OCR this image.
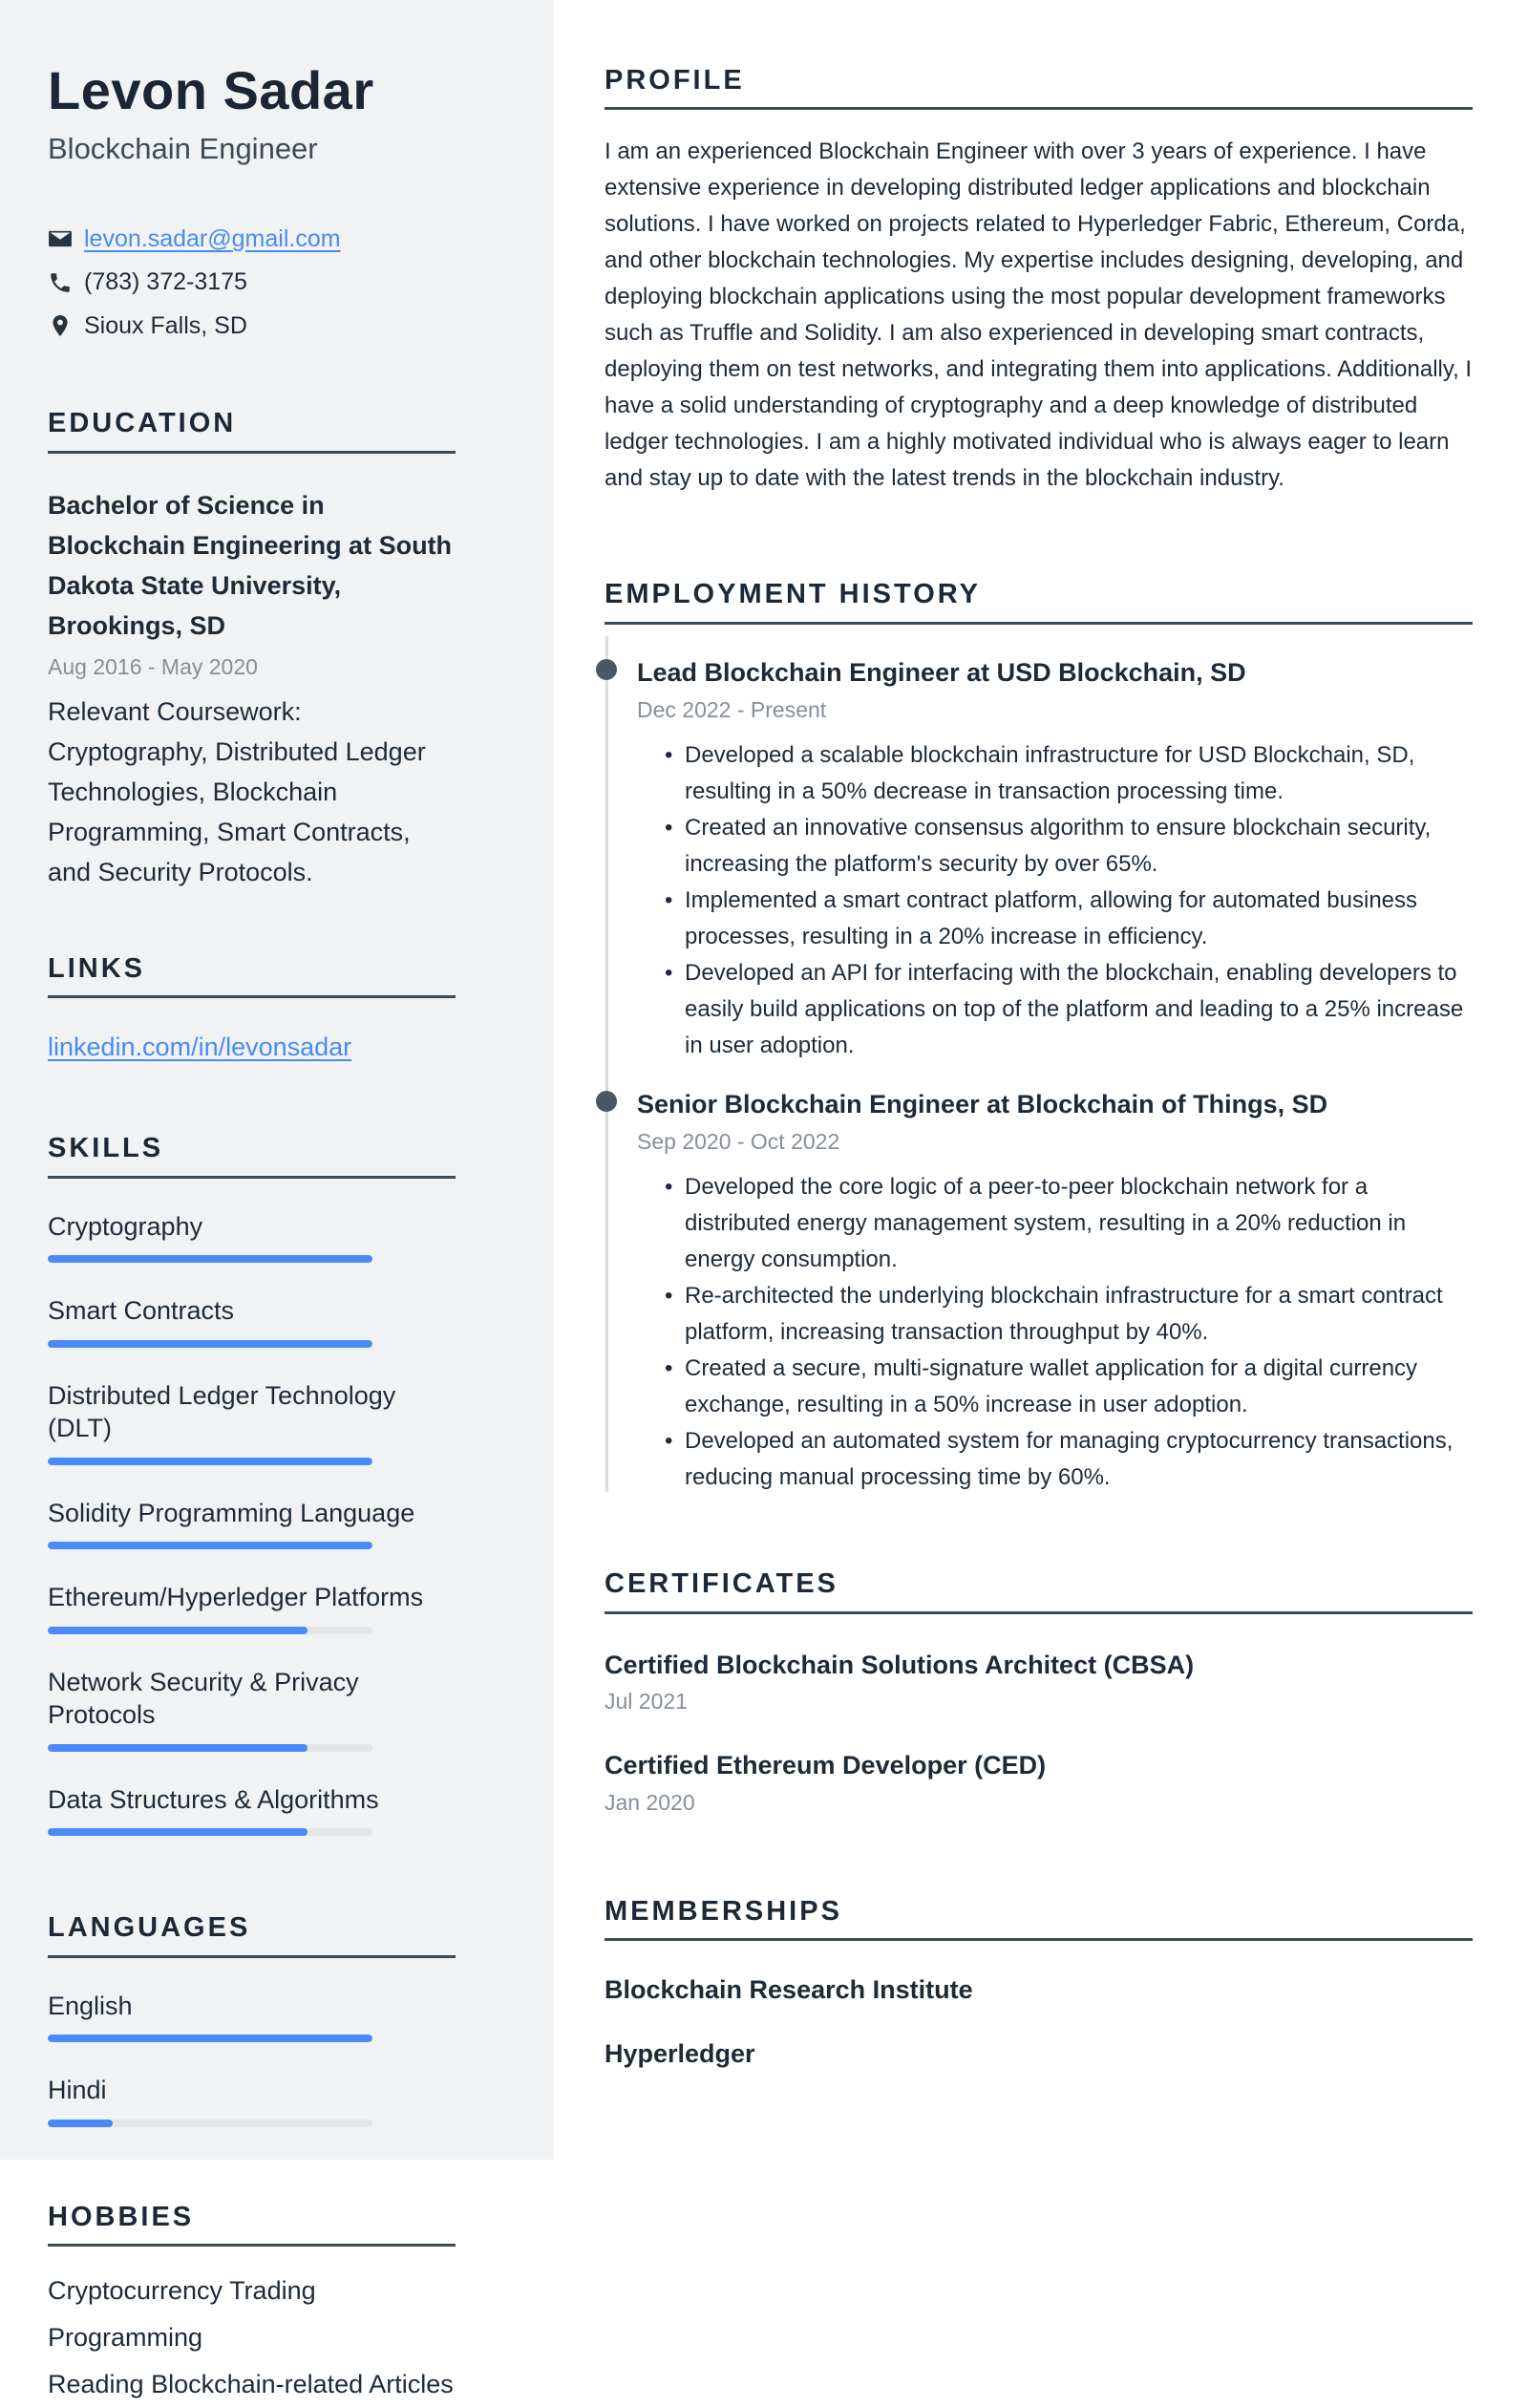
Levon Sadar
Blockchain Engineer
levon.sadar@gmail.com
(783) 372-3175
Sioux Falls, SD
EDUCATION
Bachelor of Science in Blockchain Engineering at South Dakota State University, Brookings, SD
Aug 2016 - May 2020
Relevant Coursework: Cryptography, Distributed Ledger Technologies, Blockchain Programming, Smart Contracts, and Security Protocols.
LINKS
linkedin.com/in/levonsadar
SKILLS
Cryptography
Smart Contracts
Distributed Ledger Technology (DLT)
Solidity Programming Language
Ethereum/Hyperledger Platforms
Network Security & Privacy Protocols
Data Structures & Algorithms
LANGUAGES
English
Hindi
HOBBIES
Cryptocurrency Trading
Programming
Reading Blockchain-related Articles
PROFILE

I am an experienced Blockchain Engineer with over 3 years of experience. I have extensive experience in developing distributed ledger applications and blockchain solutions. I have worked on projects related to Hyperledger Fabric, Ethereum, Corda, and other blockchain technologies. My expertise includes designing, developing, and deploying blockchain applications using the most popular development frameworks such as Truffle and Solidity. I am also experienced in developing smart contracts, deploying them on test networks, and integrating them into applications. Additionally, I have a solid understanding of cryptography and a deep knowledge of distributed ledger technologies. I am a highly motivated individual who is always eager to learn and stay up to date with the latest trends in the blockchain industry.

EMPLOYMENT HISTORY
Lead Blockchain Engineer at USD Blockchain, SD
Dec 2022 - Present
• Developed a scalable blockchain infrastructure for USD Blockchain, SD, resulting in a 50% decrease in transaction processing time.
• Created an innovative consensus algorithm to ensure blockchain security, increasing the platform's security by over 65%.
• Implemented a smart contract platform, allowing for automated business processes, resulting in a 20% increase in efficiency.
• Developed an API for interfacing with the blockchain, enabling developers to easily build applications on top of the platform and leading to a 25% increase in user adoption.
Senior Blockchain Engineer at Blockchain of Things, SD
Sep 2020 - Oct 2022
• Developed the core logic of a peer-to-peer blockchain network for a distributed energy management system, resulting in a 20% reduction in energy consumption.
• Re-architected the underlying blockchain infrastructure for a smart contract platform, increasing transaction throughput by 40%.
• Created a secure, multi-signature wallet application for a digital currency exchange, resulting in a 50% increase in user adoption.
• Developed an automated system for managing cryptocurrency transactions, reducing manual processing time by 60%.
CERTIFICATES
Certified Blockchain Solutions Architect (CBSA)
Jul 2021
Certified Ethereum Developer (CED)
Jan 2020
MEMBERSHIPS
Blockchain Research Institute
Hyperledger
